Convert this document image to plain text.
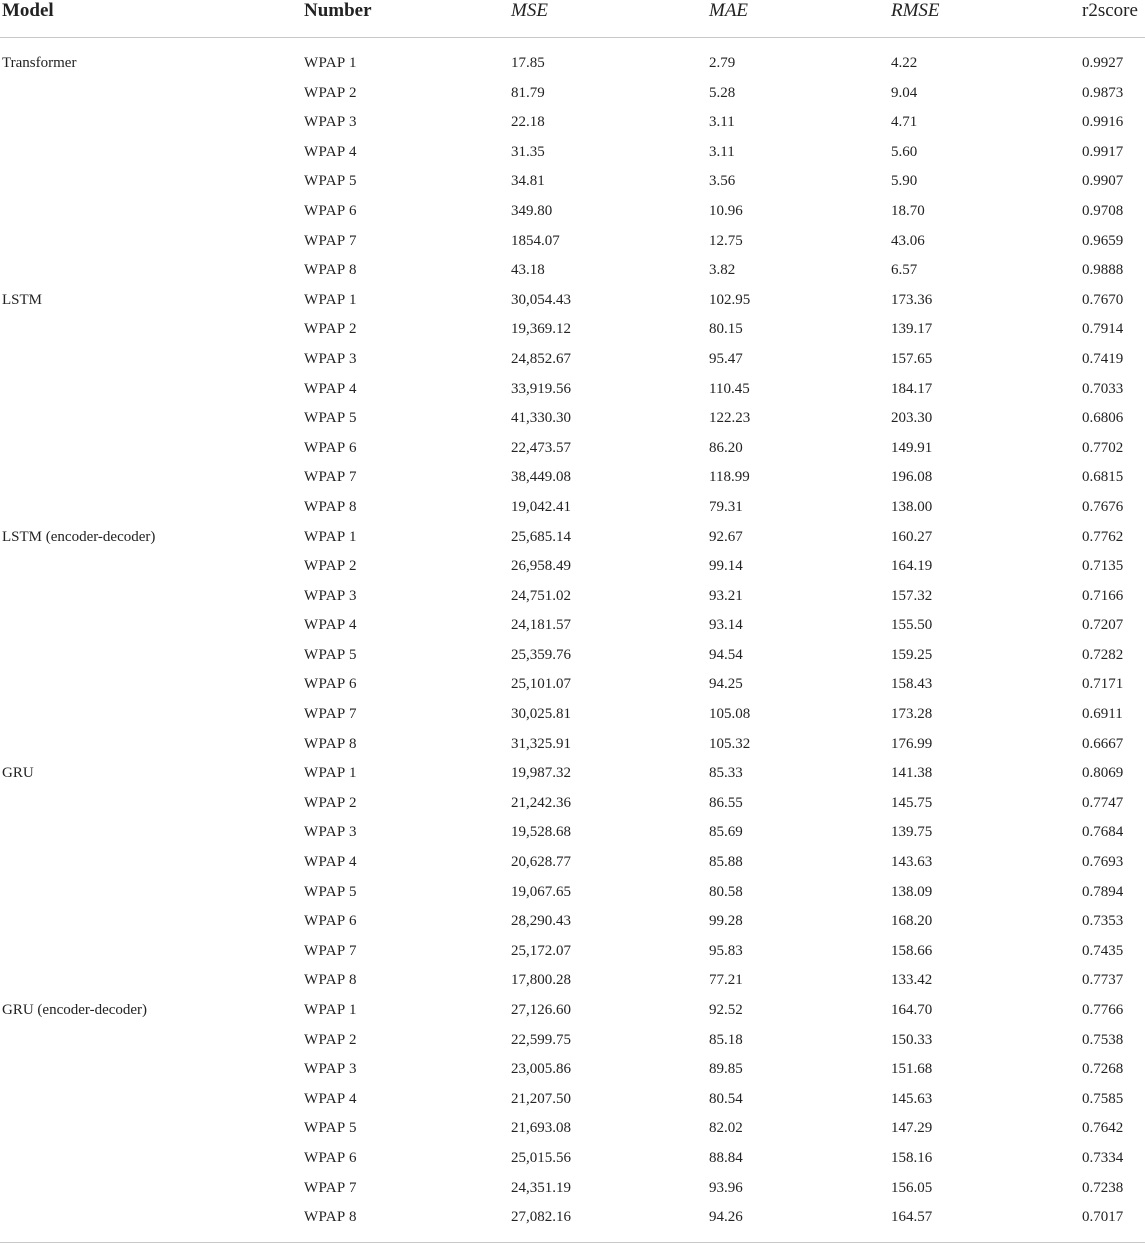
Model	Number	MSE	MAE	RMSE	r2score
Transformer	WPAP 1	17.85	2.79	4.22	0.9927
WPAP 2	81.79	5.28	9.04	0.9873
WPAP 3	22.18	3.11	4.71	0.9916
WPAP 4	31.35	3.11	5.60	0.9917
WPAP 5	34.81	3.56	5.90	0.9907
WPAP 6	349.80	10.96	18.70	0.9708
WPAP 7	1854.07	12.75	43.06	0.9659
WPAP 8	43.18	3.82	6.57	0.9888
LSTM	WPAP 1	30,054.43	102.95	173.36	0.7670
WPAP 2	19,369.12	80.15	139.17	0.7914
WPAP 3	24,852.67	95.47	157.65	0.7419
WPAP 4	33,919.56	110.45	184.17	0.7033
WPAP 5	41,330.30	122.23	203.30	0.6806
WPAP 6	22,473.57	86.20	149.91	0.7702
WPAP 7	38,449.08	118.99	196.08	0.6815
WPAP 8	19,042.41	79.31	138.00	0.7676
LSTM (encoder-decoder)	WPAP 1	25,685.14	92.67	160.27	0.7762
WPAP 2	26,958.49	99.14	164.19	0.7135
WPAP 3	24,751.02	93.21	157.32	0.7166
WPAP 4	24,181.57	93.14	155.50	0.7207
WPAP 5	25,359.76	94.54	159.25	0.7282
WPAP 6	25,101.07	94.25	158.43	0.7171
WPAP 7	30,025.81	105.08	173.28	0.6911
WPAP 8	31,325.91	105.32	176.99	0.6667
GRU	WPAP 1	19,987.32	85.33	141.38	0.8069
WPAP 2	21,242.36	86.55	145.75	0.7747
WPAP 3	19,528.68	85.69	139.75	0.7684
WPAP 4	20,628.77	85.88	143.63	0.7693
WPAP 5	19,067.65	80.58	138.09	0.7894
WPAP 6	28,290.43	99.28	168.20	0.7353
WPAP 7	25,172.07	95.83	158.66	0.7435
WPAP 8	17,800.28	77.21	133.42	0.7737
GRU (encoder-decoder)	WPAP 1	27,126.60	92.52	164.70	0.7766
WPAP 2	22,599.75	85.18	150.33	0.7538
WPAP 3	23,005.86	89.85	151.68	0.7268
WPAP 4	21,207.50	80.54	145.63	0.7585
WPAP 5	21,693.08	82.02	147.29	0.7642
WPAP 6	25,015.56	88.84	158.16	0.7334
WPAP 7	24,351.19	93.96	156.05	0.7238
WPAP 8	27,082.16	94.26	164.57	0.7017
